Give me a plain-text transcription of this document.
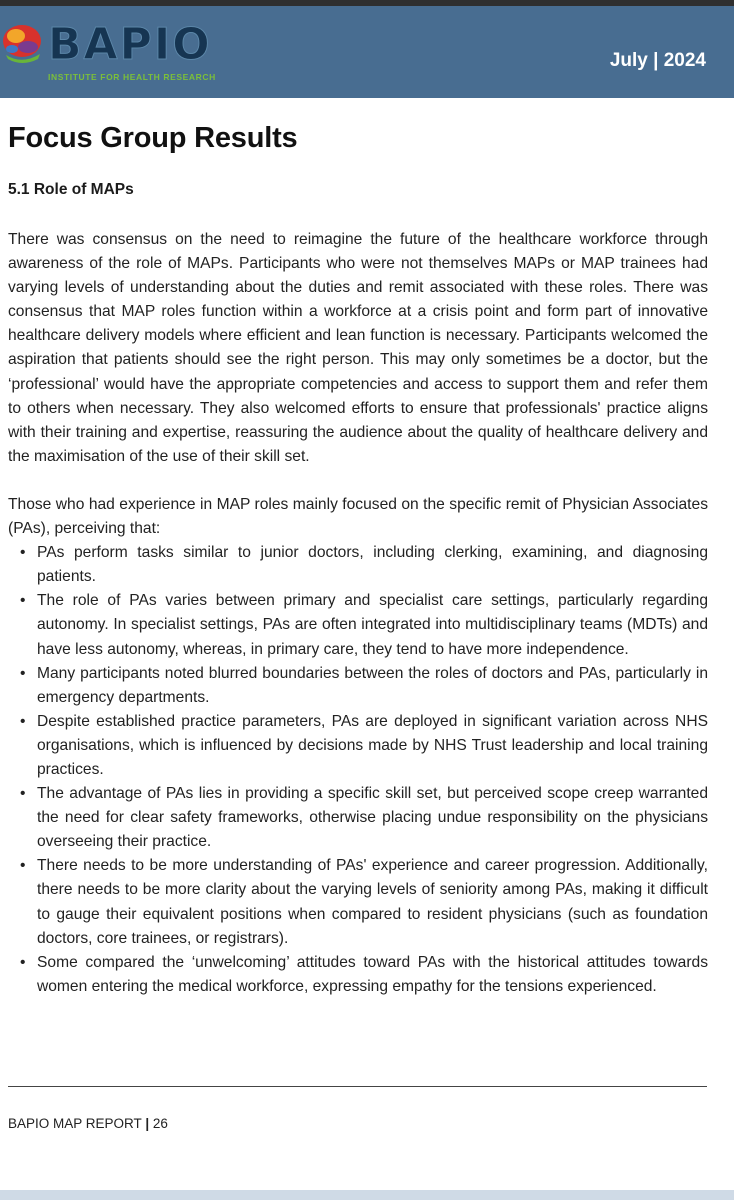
BAPIO
INSTITUTE FOR HEALTH RESEARCH
July | 2024
Focus Group Results
5.1 Role of MAPs

There was consensus on the need to reimagine the future of the healthcare workforce through awareness of the role of MAPs. Participants who were not themselves MAPs or MAP trainees had varying levels of understanding about the duties and remit associated with these roles. There was consensus that MAP roles function within a workforce at a crisis point and form part of innovative healthcare delivery models where efficient and lean function is necessary. Participants welcomed the aspiration that patients should see the right person. This may only sometimes be a doctor, but the ‘professional’ would have the appropriate competencies and access to support them and refer them to others when necessary. They also welcomed efforts to ensure that professionals' practice aligns with their training and expertise, reassuring the audience about the quality of healthcare delivery and the maximisation of the use of their skill set.

Those who had experience in MAP roles mainly focused on the specific remit of Physician Associates (PAs), perceiving that:

• PAs perform tasks similar to junior doctors, including clerking, examining, and diagnosing patients.
• The role of PAs varies between primary and specialist care settings, particularly regarding autonomy. In specialist settings, PAs are often integrated into multidisciplinary teams (MDTs) and have less autonomy, whereas, in primary care, they tend to have more independence.
• Many participants noted blurred boundaries between the roles of doctors and PAs, particularly in emergency departments.
• Despite established practice parameters, PAs are deployed in significant variation across NHS organisations, which is influenced by decisions made by NHS Trust leadership and local training practices.
• The advantage of PAs lies in providing a specific skill set, but perceived scope creep warranted the need for clear safety frameworks, otherwise placing undue responsibility on the physicians overseeing their practice.
• There needs to be more understanding of PAs' experience and career progression. Additionally, there needs to be more clarity about the varying levels of seniority among PAs, making it difficult to gauge their equivalent positions when compared to resident physicians (such as foundation doctors, core trainees, or registrars).
• Some compared the ‘unwelcoming’ attitudes toward PAs with the historical attitudes towards women entering the medical workforce, expressing empathy for the tensions experienced.
BAPIO MAP REPORT | 26
